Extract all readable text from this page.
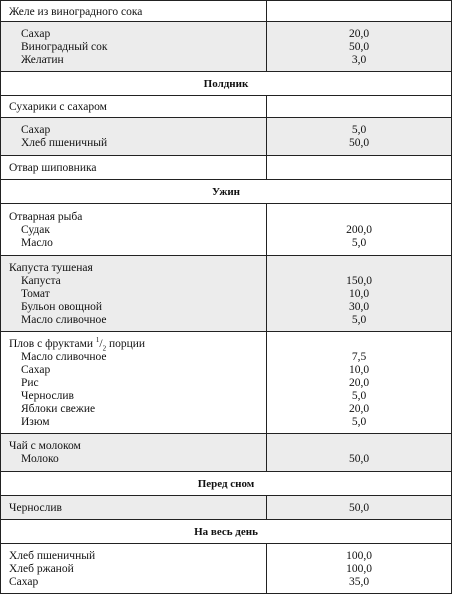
Желе из виноградного сока
Сахар
Виноградный сок
Желатин
20,0
50,0
3,0
Полдник
Сухарики с сахаром
Сахар
Хлеб пшеничный
5,0
50,0
Отвар шиповника
Ужин
Отварная рыба
Судак
Масло
200,0
5,0
Капуста тушеная
Капуста
Томат
Бульон овощной
Масло сливочное
150,0
10,0
30,0
5,0
Плов с фруктами $^1/_2$ порции
Масло сливочное
Сахар
Рис
Чернослив
Яблоки свежие
Изюм
7,5
10,0
20,0
5,0
20,0
5,0
Чай с молоком
Молоко	50,0
Перед сном
Чернослив	50,0
На весь день
Хлеб пшеничный
Хлеб ржаной
Сахар
100,0
100,0
35,0
